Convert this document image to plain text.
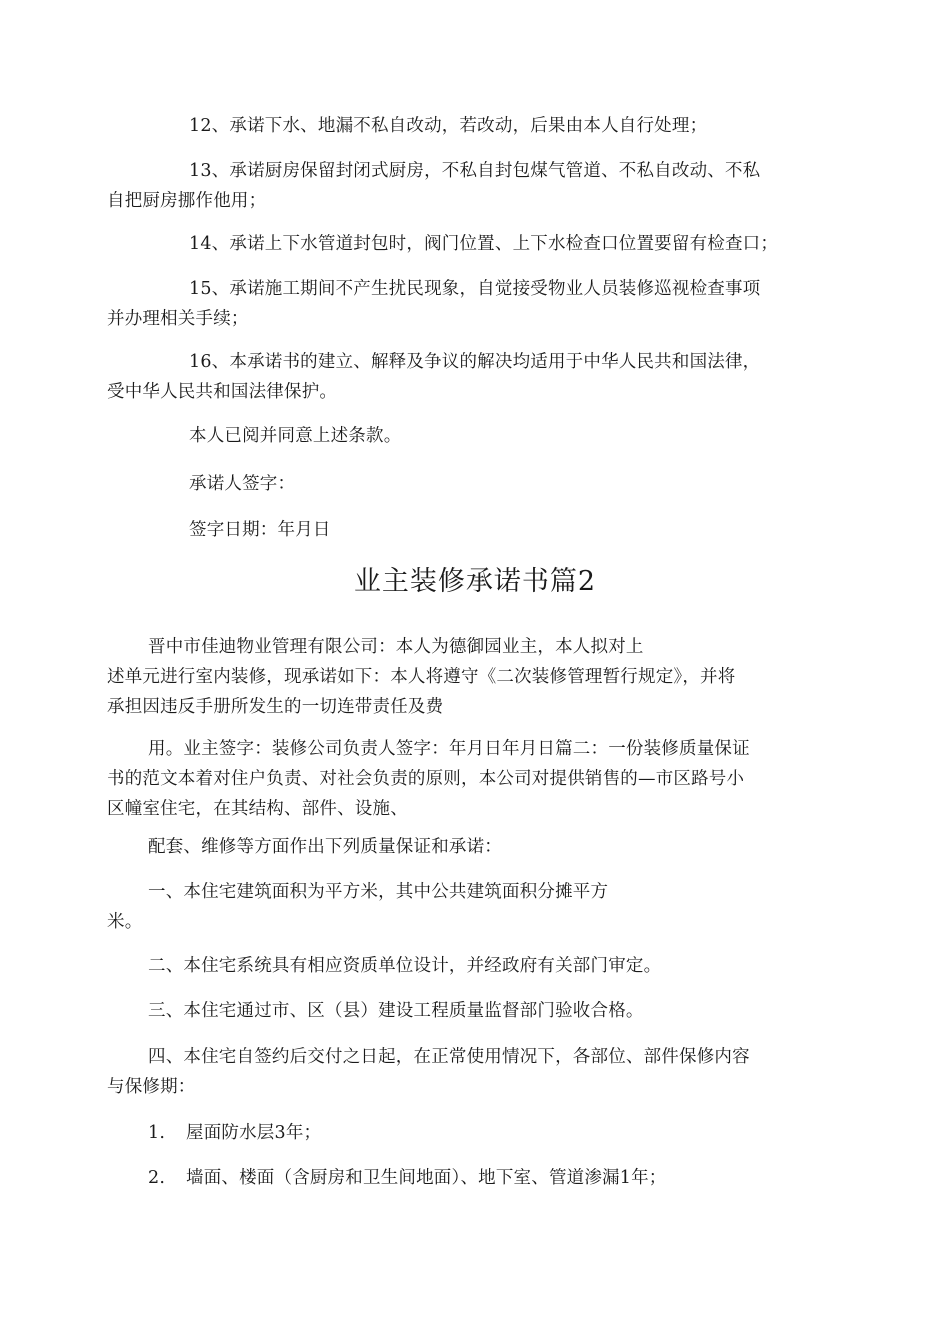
12、承诺下水、地漏不私自改动，若改动，后果由本人自行处理；

13、承诺厨房保留封闭式厨房，不私自封包煤气管道、不私自改动、不私
自把厨房挪作他用；

14、承诺上下水管道封包时，阀门位置、上下水检查口位置要留有检查口；

15、承诺施工期间不产生扰民现象，自觉接受物业人员装修巡视检查事项
并办理相关手续；

16、本承诺书的建立、解释及争议的解决均适用于中华人民共和国法律，
受中华人民共和国法律保护。

本人已阅并同意上述条款。

承诺人签字：

签字日期：年月日

业主装修承诺书篇2

晋中市佳迪物业管理有限公司：本人为德御园业主，本人拟对上
述单元进行室内装修，现承诺如下：本人将遵守《二次装修管理暂行规定》，并将
承担因违反手册所发生的一切连带责任及费

用。业主签字：装修公司负责人签字：年月日年月日篇二：一份装修质量保证
书的范文本着对住户负责、对社会负责的原则，本公司对提供销售的—市区路号小
区幢室住宅，在其结构、部件、设施、

配套、维修等方面作出下列质量保证和承诺：

一、本住宅建筑面积为平方米，其中公共建筑面积分摊平方
米。

二、本住宅系统具有相应资质单位设计，并经政府有关部门审定。

三、本住宅通过市、区（县）建设工程质量监督部门验收合格。

四、本住宅自签约后交付之日起，在正常使用情况下，各部位、部件保修内容
与保修期：

1. 屋面防水层3年；

2. 墙面、楼面（含厨房和卫生间地面）、地下室、管道渗漏1年；
